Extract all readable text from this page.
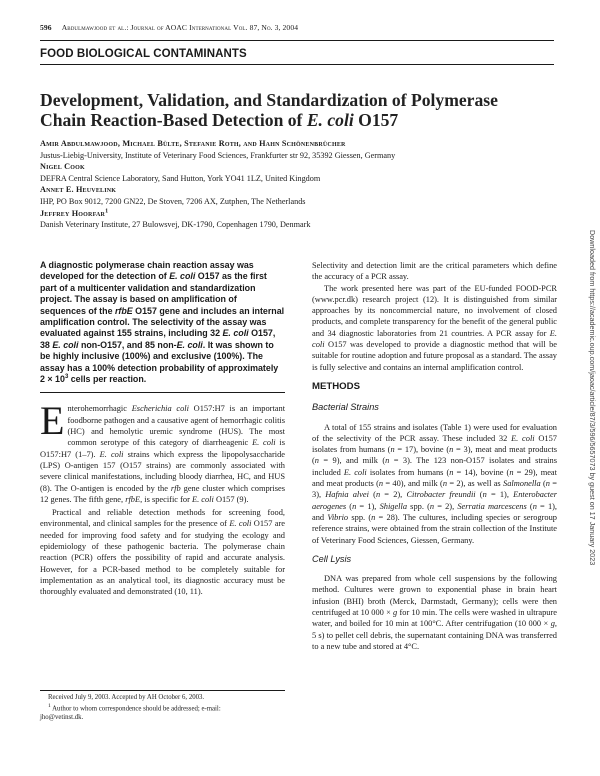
596 Abdulmawjood et al.: Journal of AOAC International Vol. 87, No. 3, 2004
FOOD BIOLOGICAL CONTAMINANTS
Development, Validation, and Standardization of Polymerase
Chain Reaction-Based Detection of E. coli O157
Amir Abdulmawjood, Michael Bülte, Stefanie Roth, and Hahn Schönenbrücher
Justus-Liebig-University, Institute of Veterinary Food Sciences, Frankfurter str 92, 35392 Giessen, Germany
Nigel Cook
DEFRA Central Science Laboratory, Sand Hutton, York YO41 1LZ, United Kingdom
Annet E. Heuvelink
IHP, PO Box 9012, 7200 GN22, De Stoven, 7206 AX, Zutphen, The Netherlands
Jeffrey Hoorfar$^1$
Danish Veterinary Institute, 27 Bulowsvej, DK-1790, Copenhagen 1790, Denmark
Downloaded from https://academic.oup.com/jaoac/article/87/3/596/5657073 by guest on 17 January 2023

A diagnostic polymerase chain reaction assay was developed for the detection of E. coli O157 as the first part of a multicenter validation and standardization project. The assay is based on amplification of sequences of the rfbE O157 gene and includes an internal amplification control. The selectivity of the assay was evaluated against 155 strains, including 32 E. coli O157, 38 E. coli non-O157, and 85 non-E. coli. It was shown to be highly inclusive (100%) and exclusive (100%). The assay has a 100% detection probability of approximately $2 \times 10^3$ cells per reaction.

Enterohemorrhagic Escherichia coli O157:H7 is an important foodborne pathogen and a causative agent of hemorrhagic colitis (HC) and hemolytic uremic syndrome (HUS). The most common serotype of this category of diarrheagenic E. coli is O157:H7 (1–7). E. coli strains which express the lipopolysaccharide (LPS) O-antigen 157 (O157 strains) are commonly associated with severe clinical manifestations, including bloody diarrhea, HC, and HUS (8). The O-antigen is encoded by the rfb gene cluster which comprises 12 genes. The fifth gene, rfbE, is specific for E. coli O157 (9).

Practical and reliable detection methods for screening food, environmental, and clinical samples for the presence of E. coli O157 are needed for improving food safety and for studying the ecology and epidemiology of these pathogenic bacteria. The polymerase chain reaction (PCR) offers the possibility of rapid and accurate analysis. However, for a PCR-based method to be completely suitable for implementation as an analytical tool, its diagnostic accuracy must be thoroughly evaluated and demonstrated (10, 11).

Received July 9, 2003. Accepted by AH October 6, 2003.

$^1$ Author to whom correspondence should be addressed; e-mail:

jho@vetinst.dk.

Selectivity and detection limit are the critical parameters which define the accuracy of a PCR assay.

The work presented here was part of the EU-funded FOOD-PCR (www.pcr.dk) research project (12). It is distinguished from similar approaches by its noncommercial nature, no involvement of closed products, and complete transparency for the benefit of the general public and 34 diagnostic laboratories from 21 countries. A PCR assay for E. coli O157 was developed to provide a diagnostic method that will be suitable for routine adoption and future proposal as a standard. The assay is fully selective and contains an internal amplification control.

METHODS

Bacterial Strains

A total of 155 strains and isolates (Table 1) were used for evaluation of the selectivity of the PCR assay. These included 32 E. coli O157 isolates from humans (n = 17), bovine (n = 3), meat and meat products (n = 9), and milk (n = 3). The 123 non-O157 isolates and strains included E. coli isolates from humans (n = 14), bovine (n = 29), meat and meat products (n = 40), and milk (n = 2), as well as Salmonella (n = 3), Hafnia alvei (n = 2), Citrobacter freundii (n = 1), Enterobacter aerogenes (n = 1), Shigella spp. (n = 2), Serratia marcescens (n = 1), and Vibrio spp. (n = 28). The cultures, including species or serogroup reference strains, were obtained from the strain collection of the Institute of Veterinary Food Sciences, Giessen, Germany.

Cell Lysis

DNA was prepared from whole cell suspensions by the following method. Cultures were grown to exponential phase in brain heart infusion (BHI) broth (Merck, Darmstadt, Germany); cells were then centrifuged at 10 000 × g for 10 min. The cells were washed in ultrapure water, and boiled for 10 min at 100°C. After centrifugation (10 000 × g, 5 s) to pellet cell debris, the supernatant containing DNA was transferred to a new tube and stored at 4°C.
